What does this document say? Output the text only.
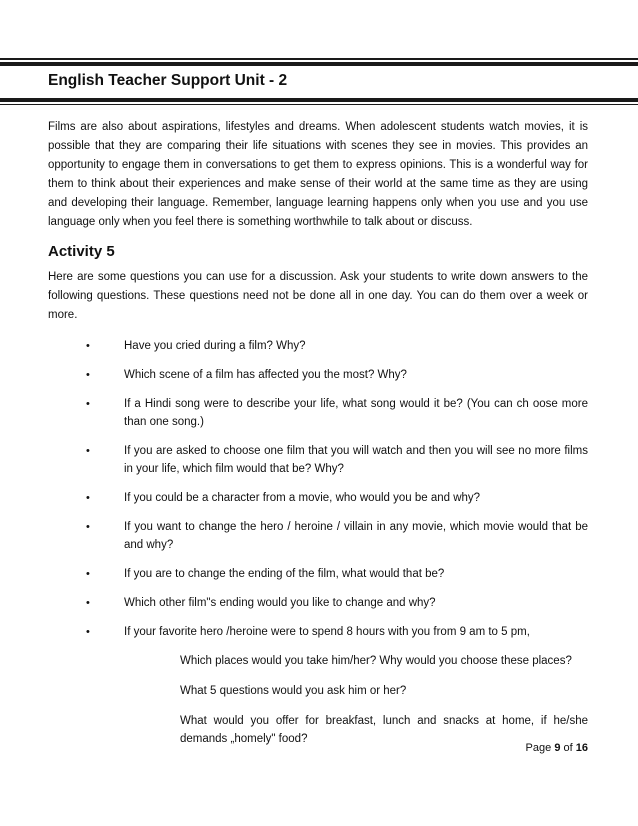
English Teacher Support Unit - 2

Films are also about aspirations, lifestyles and dreams. When adolescent students watch movies, it is possible that they are comparing their life situations with scenes they see in movies. This provides an opportunity to engage them in conversations to get them to express opinions. This is a wonderful way for them to think about their experiences and make sense of their world at the same time as they are using and developing their language. Remember, language learning happens only when you use and you use language only when you feel there is something worthwhile to talk about or discuss.

Activity 5

Here are some questions you can use for a discussion. Ask your students to write down answers to the following questions. These questions need not be done all in one day. You can do them over a week or more.

•	Have you cried during a film? Why?
•	Which scene of a film has affected you the most? Why?
•	If a Hindi song were to describe your life, what song would it be? (You can ch oose more than one song.)
•	If you are asked to choose one film that you will watch and then you will see no more films in your life, which film would that be? Why?
•	If you could be a character from a movie, who would you be and why?
•	If you want to change the hero / heroine / villain in any movie, which movie would that be and why?
•	If you are to change the ending of the film, what would that be?
•	Which other film"s ending would you like to change and why?
•	If your favorite hero /heroine were to spend 8 hours with you from 9 am to 5 pm,
Which places would you take him/her? Why would you choose these places?
What 5 questions would you ask him or her?
What would you offer for breakfast, lunch and snacks at home, if he/she demands „homely" food?
Page 9 of 16
